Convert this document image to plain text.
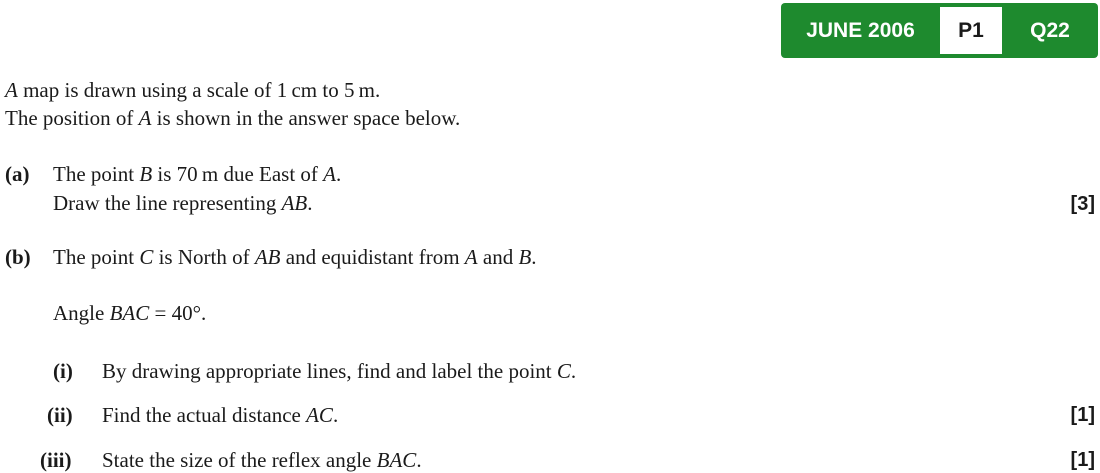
JUNE 2006	P1	Q22
A map is drawn using a scale of 1 cm to 5 m.
The position of A is shown in the answer space below.
(a) The point B is 70 m due East of A.
Draw the line representing AB.	[3]
(b) The point C is North of AB and equidistant from A and B.
Angle BAC = 40°.
(i) By drawing appropriate lines, find and label the point C.
(ii) Find the actual distance AC.	[1]
(iii) State the size of the reflex angle BAC.	[1]
